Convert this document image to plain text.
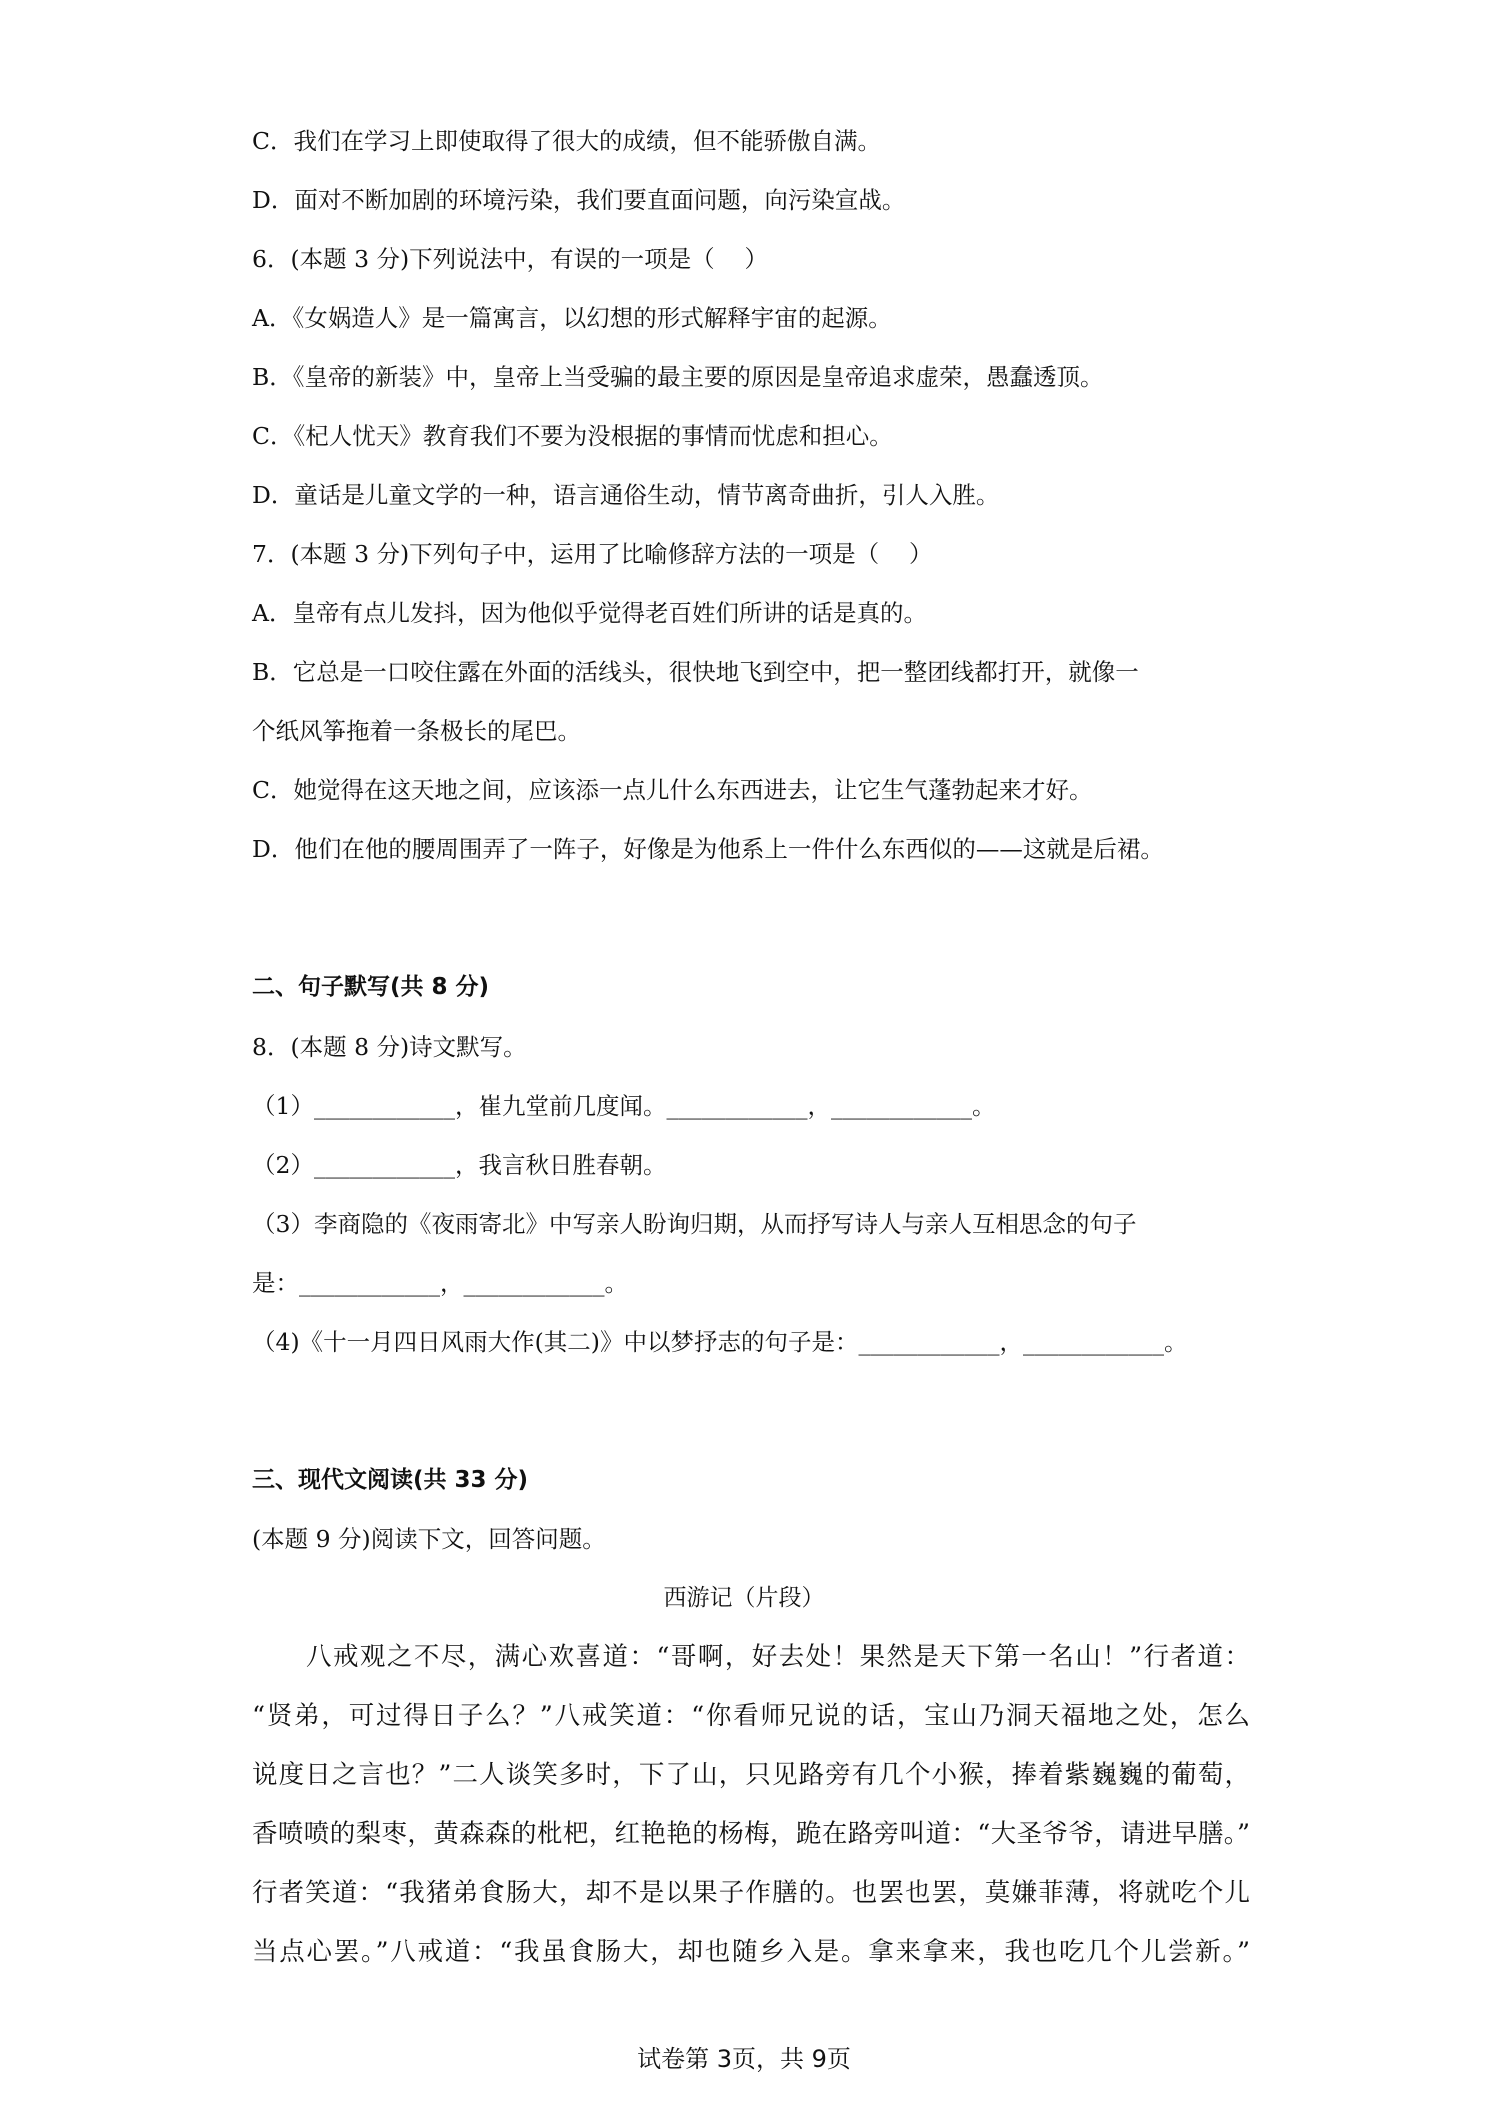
C．我们在学习上即使取得了很大的成绩，但不能骄傲自满。
D．面对不断加剧的环境污染，我们要直面问题，向污染宣战。
6．(本题 3 分)下列说法中，有误的一项是（    ）
A．《女娲造人》是一篇寓言，以幻想的形式解释宇宙的起源。
B．《皇帝的新装》中，皇帝上当受骗的最主要的原因是皇帝追求虚荣，愚蠢透顶。
C．《杞人忧天》教育我们不要为没根据的事情而忧虑和担心。
D．童话是儿童文学的一种，语言通俗生动，情节离奇曲折，引人入胜。
7．(本题 3 分)下列句子中，运用了比喻修辞方法的一项是（    ）
A．皇帝有点儿发抖，因为他似乎觉得老百姓们所讲的话是真的。
B．它总是一口咬住露在外面的活线头，很快地飞到空中，把一整团线都打开，就像一
个纸风筝拖着一条极长的尾巴。
C．她觉得在这天地之间，应该添一点儿什么东西进去，让它生气蓬勃起来才好。
D．他们在他的腰周围弄了一阵子，好像是为他系上一件什么东西似的——这就是后裙。
二、句子默写(共 8 分)
8．(本题 8 分)诗文默写。
（1）____________，崔九堂前几度闻。____________，____________。
（2）____________，我言秋日胜春朝。
（3）李商隐的《夜雨寄北》中写亲人盼询归期，从而抒写诗人与亲人互相思念的句子
是：____________，____________。
（4)《十一月四日风雨大作(其二)》中以梦抒志的句子是：____________，____________。
三、现代文阅读(共 33 分)
(本题 9 分)阅读下文，回答问题。
西游记（片段）
八戒观之不尽，满心欢喜道：“哥啊，好去处！果然是天下第一名山！”行者道：
“贤弟，可过得日子么？”八戒笑道：“你看师兄说的话，宝山乃洞天福地之处，怎么
说度日之言也？”二人谈笑多时，下了山，只见路旁有几个小猴，捧着紫巍巍的葡萄，
香喷喷的梨枣，黄森森的枇杷，红艳艳的杨梅，跪在路旁叫道：“大圣爷爷，请进早膳。”
行者笑道：“我猪弟食肠大，却不是以果子作膳的。也罢也罢，莫嫌菲薄，将就吃个儿
当点心罢。”八戒道：“我虽食肠大，却也随乡入是。拿来拿来，我也吃几个儿尝新。”
试卷第 3页，共 9页
